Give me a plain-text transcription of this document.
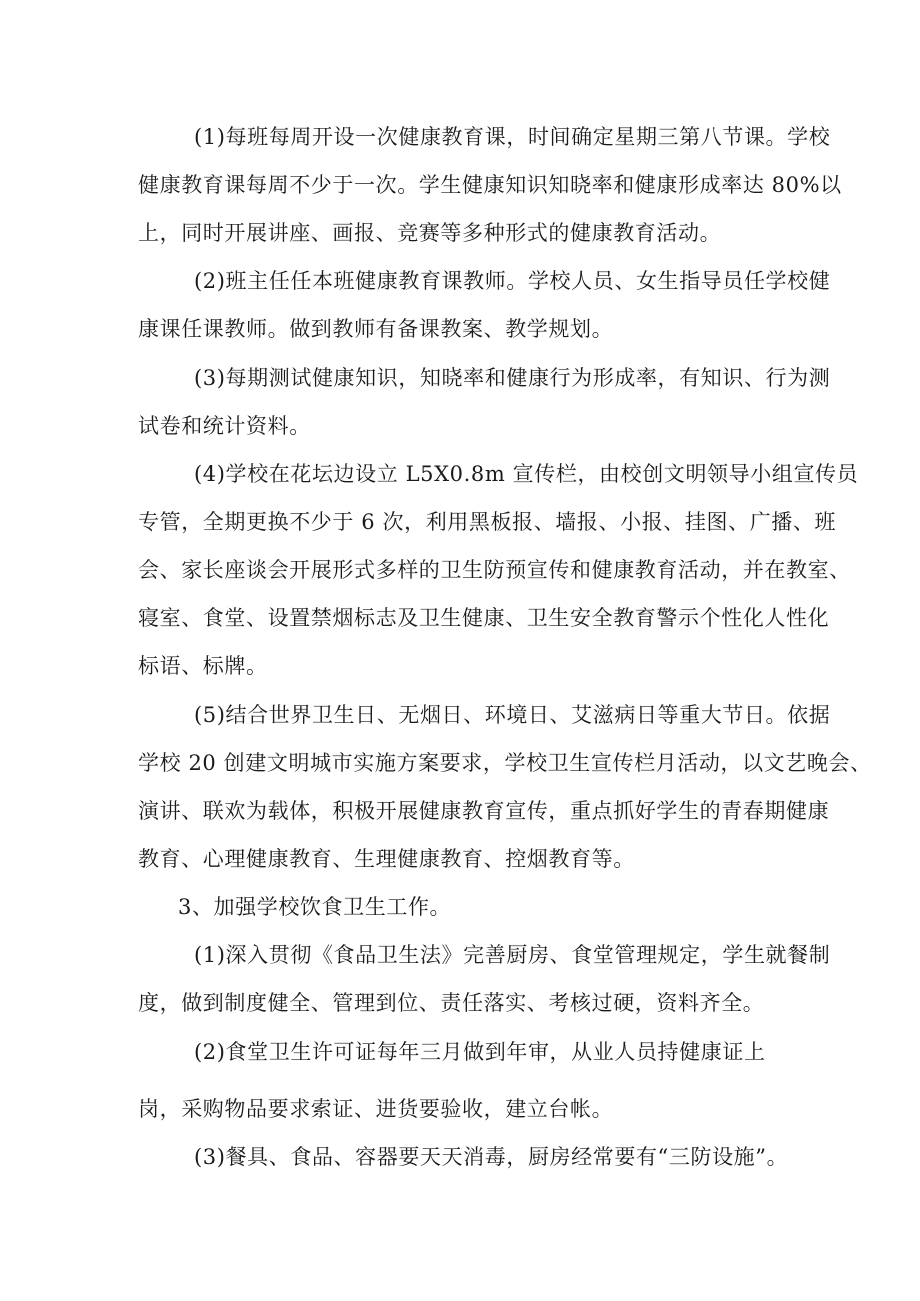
(1)每班每周开设一次健康教育课，时间确定星期三第八节课。学校
健康教育课每周不少于一次。学生健康知识知晓率和健康形成率达 80%以
上，同时开展讲座、画报、竞赛等多种形式的健康教育活动。
(2)班主任任本班健康教育课教师。学校人员、女生指导员任学校健
康课任课教师。做到教师有备课教案、教学规划。
(3)每期测试健康知识，知晓率和健康行为形成率，有知识、行为测
试卷和统计资料。
(4)学校在花坛边设立 L5X0.8m 宣传栏，由校创文明领导小组宣传员
专管，全期更换不少于 6 次，利用黑板报、墙报、小报、挂图、广播、班
会、家长座谈会开展形式多样的卫生防预宣传和健康教育活动，并在教室、
寝室、食堂、设置禁烟标志及卫生健康、卫生安全教育警示个性化人性化
标语、标牌。
(5)结合世界卫生日、无烟日、环境日、艾滋病日等重大节日。依据
学校 20 创建文明城市实施方案要求，学校卫生宣传栏月活动，以文艺晚会、
演讲、联欢为载体，积极开展健康教育宣传，重点抓好学生的青春期健康
教育、心理健康教育、生理健康教育、控烟教育等。
3、加强学校饮食卫生工作。
(1)深入贯彻《食品卫生法》完善厨房、食堂管理规定，学生就餐制
度，做到制度健全、管理到位、责任落实、考核过硬，资料齐全。
(2)食堂卫生许可证每年三月做到年审，从业人员持健康证上
岗，采购物品要求索证、进货要验收，建立台帐。
(3)餐具、食品、容器要天天消毒，厨房经常要有“三防设施”。
